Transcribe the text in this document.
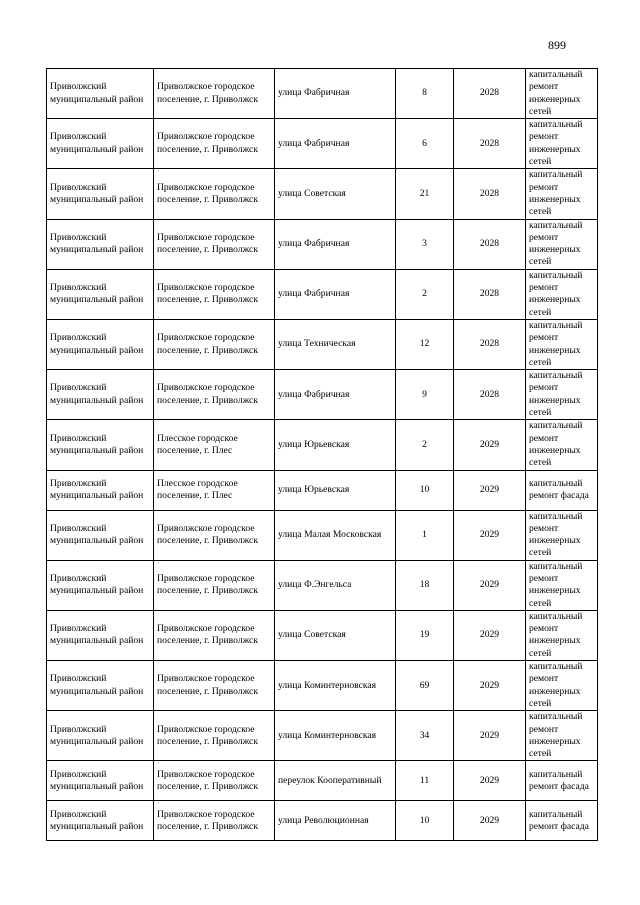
899
Приволжский муниципальный район	Приволжское городское поселение, г. Приволжск	улица Фабричная	8	2028	капитальный ремонт инженерных сетей
Приволжский муниципальный район	Приволжское городское поселение, г. Приволжск	улица Фабричная	6	2028	капитальный ремонт инженерных сетей
Приволжский муниципальный район	Приволжское городское поселение, г. Приволжск	улица Советская	21	2028	капитальный ремонт инженерных сетей
Приволжский муниципальный район	Приволжское городское поселение, г. Приволжск	улица Фабричная	3	2028	капитальный ремонт инженерных сетей
Приволжский муниципальный район	Приволжское городское поселение, г. Приволжск	улица Фабричная	2	2028	капитальный ремонт инженерных сетей
Приволжский муниципальный район	Приволжское городское поселение, г. Приволжск	улица Техническая	12	2028	капитальный ремонт инженерных сетей
Приволжский муниципальный район	Приволжское городское поселение, г. Приволжск	улица Фабричная	9	2028	капитальный ремонт инженерных сетей
Приволжский муниципальный район	Плесское городское поселение, г. Плес	улица Юрьевская	2	2029	капитальный ремонт инженерных сетей
Приволжский муниципальный район	Плесское городское поселение, г. Плес	улица Юрьевская	10	2029	капитальный ремонт фасада
Приволжский муниципальный район	Приволжское городское поселение, г. Приволжск	улица Малая Московская	1	2029	капитальный ремонт инженерных сетей
Приволжский муниципальный район	Приволжское городское поселение, г. Приволжск	улица Ф.Энгельса	18	2029	капитальный ремонт инженерных сетей
Приволжский муниципальный район	Приволжское городское поселение, г. Приволжск	улица Советская	19	2029	капитальный ремонт инженерных сетей
Приволжский муниципальный район	Приволжское городское поселение, г. Приволжск	улица Коминтерновская	69	2029	капитальный ремонт инженерных сетей
Приволжский муниципальный район	Приволжское городское поселение, г. Приволжск	улица Коминтерновская	34	2029	капитальный ремонт инженерных сетей
Приволжский муниципальный район	Приволжское городское поселение, г. Приволжск	переулок Кооперативный	11	2029	капитальный ремонт фасада
Приволжский муниципальный район	Приволжское городское поселение, г. Приволжск	улица Революционная	10	2029	капитальный ремонт фасада
